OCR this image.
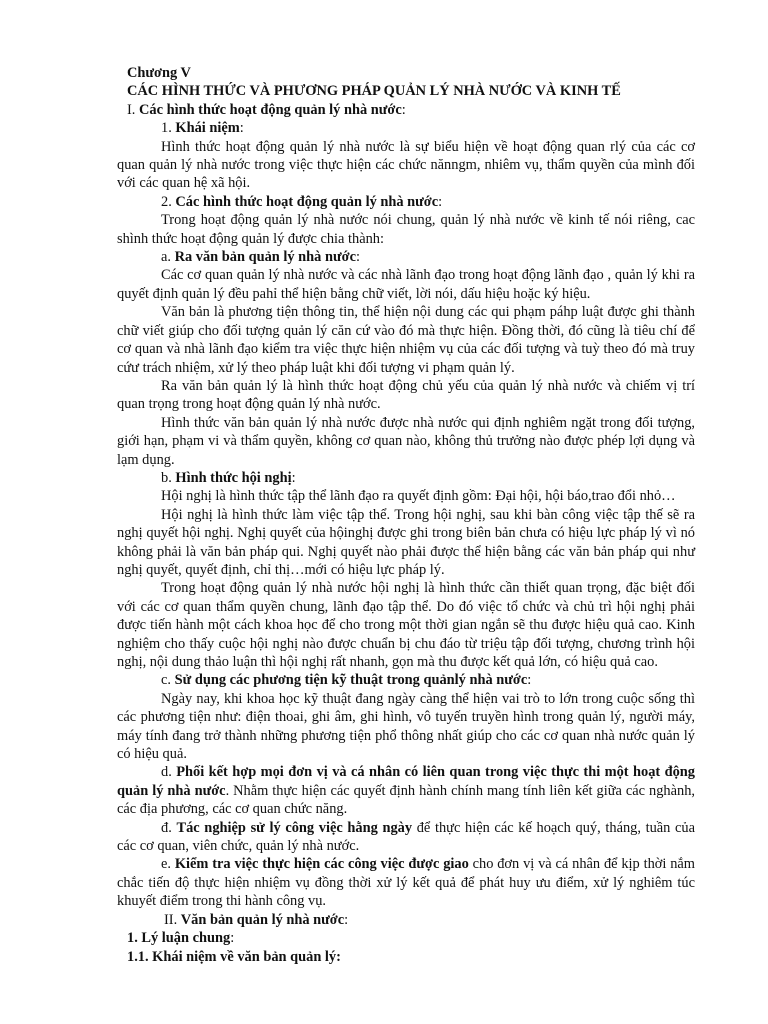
Chương V

CÁC HÌNH THỨC VÀ PHƯƠNG PHÁP QUẢN LÝ NHÀ NƯỚC VÀ KINH TẾ

I. Các hình thức hoạt động quản lý nhà nước:

1. Khái niệm:

Hình thức hoạt động quản lý nhà nước là sự biểu hiện về hoạt động quan rlý của các cơ quan quản lý nhà nước trong việc thực hiện các chức nănngm, nhiêm vụ, thẩm quyền của mình đối với các quan hệ xã hội.

2. Các hình thức hoạt động quản lý nhà nước:

Trong hoạt động quản lý nhà nước nói chung, quản lý nhà nước về kinh tế nói riêng, cac shình thức hoạt động quản lý được chia thành:

a. Ra văn bản quản lý nhà nước:

Các cơ quan quản lý nhà nước và các nhà lãnh đạo trong hoạt động lãnh đạo , quản lý khi ra quyết định quản lý đều pahỉ thể hiện bằng chữ viết, lời nói, dấu hiệu hoặc ký hiệu.

Văn bản là phương tiện thông tin, thể hiện nội dung các qui phạm páhp luật được ghi thành chữ viết giúp cho đối tượng quản lý căn cứ vào đó mà thực hiện. Đồng thời, đó cũng là tiêu chí để cơ quan và nhà lãnh đạo kiểm tra việc thực hiện nhiệm vụ của các đối tượng và tuỳ theo đó mà truy cứư trách nhiệm, xử lý theo pháp luật khi đối tượng vi phạm quản lý.

Ra văn bản quản lý là hình thức hoạt động chủ yếu của quản lý nhà nước và chiếm vị trí quan trọng trong hoạt động quản lý nhà nước.

Hình thức văn bản quản lý nhà nước được nhà nước qui định nghiêm ngặt trong đối tượng, giới hạn, phạm vi và thẩm quyền, không cơ quan nào, không thủ trưởng nào được phép lợi dụng và lạm dụng.

b. Hình thức hội nghị:

Hội nghị là hình thức tập thể lãnh đạo ra quyết định gồm: Đại hội, hội báo,trao đổi nhỏ…

Hội nghị là hình thức làm việc tập thể. Trong hội nghị, sau khi bàn công việc tập thế sẽ ra nghị quyết hội nghị. Nghị quyết của hộinghị được ghi trong biên bản chưa có hiệu lực pháp lý vì nó không phải là văn bản pháp qui. Nghị quyết nào phải được thể hiện bằng các văn bản pháp qui như nghị quyết, quyết định, chỉ thị…mới có hiệu lực pháp lý.

Trong hoạt động quản lý nhà nước hội nghị là hình thức cần thiết quan trọng, đặc biệt đối với các cơ quan thẩm quyền chung, lãnh đạo tập thể. Do đó việc tổ chức và chủ trì hội nghị phải được tiến hành một cách khoa học để cho trong một thời gian ngắn sẽ thu được hiệu quả cao. Kinh nghiệm cho thấy cuộc hội nghị nào được chuẩn bị chu đáo từ triệu tập đối tượng, chương trình hội nghị, nội dung thảo luận thì hội nghị rất nhanh, gọn mà thu được kết quả lớn, có hiệu quả cao.

c. Sử dụng các phương tiện kỹ thuật trong quảnlý nhà nước:

Ngày nay, khi khoa học kỹ thuật đang ngày càng thể hiện vai trò to lớn trong cuộc sống thì các phương tiện như: điện thoai, ghi âm, ghi hình, vô tuyến truyền hình trong quản lý, người máy, máy tính đang trở thành những phương tiện phổ thông nhất giúp cho các cơ quan nhà nước quản lý có hiệu quả.

d. Phối kết hợp mọi đơn vị và cá nhân có liên quan trong việc thực thi một hoạt động quản lý nhà nước. Nhằm thực hiện các quyết định hành chính mang tính liên kết giữa các nghành, các địa phương, các cơ quan chức năng.

đ. Tác nghiệp sử lý công việc hằng ngày để thực hiện các kế hoạch quý, tháng, tuần của các cơ quan, viên chức, quản lý nhà nước.

e. Kiểm tra việc thực hiện các công việc được giao cho đơn vị và cá nhân để kịp thời nắm chắc tiến độ thực hiện nhiệm vụ đồng thời xử lý kết quả để phát huy ưu điểm, xử lý nghiêm túc khuyết điểm trong thi hành công vụ.

II. Văn bản quản lý nhà nước:

1. Lý luận chung:

1.1. Khái niệm về văn bản quản lý:
